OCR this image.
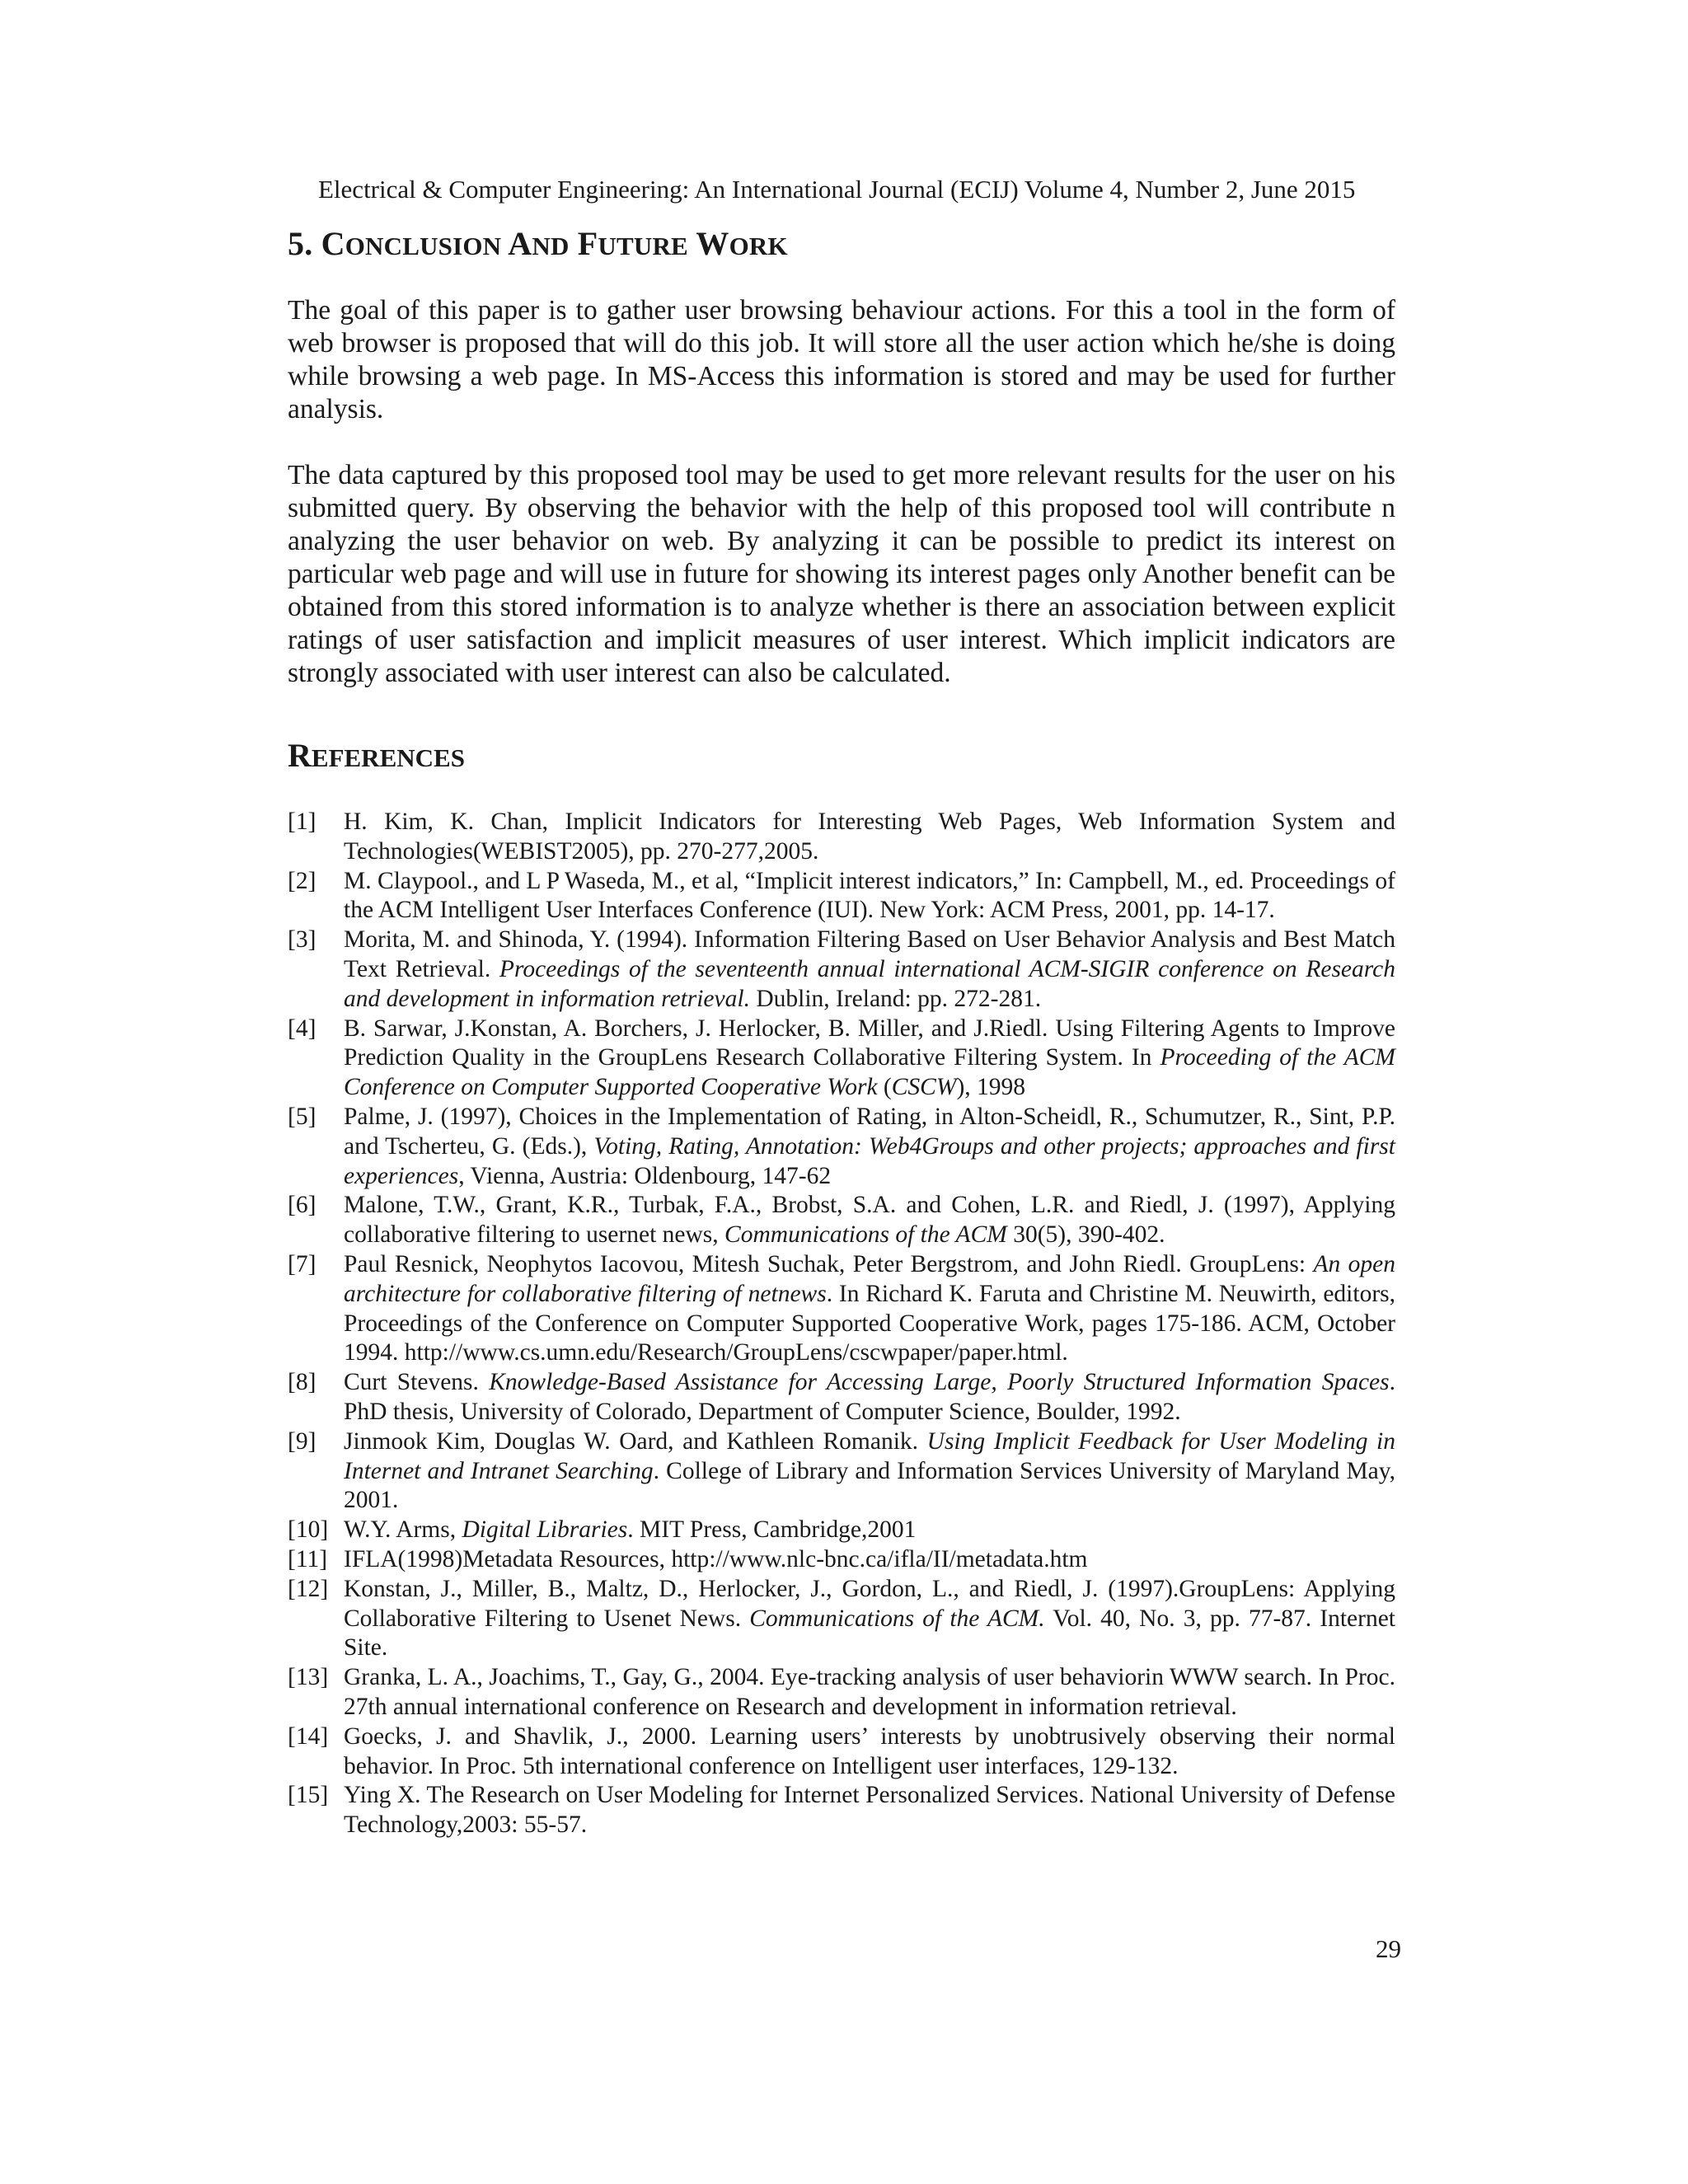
Electrical & Computer Engineering: An International Journal (ECIJ) Volume 4, Number 2, June 2015
5. CONCLUSION AND FUTURE WORK

The goal of this paper is to gather user browsing behaviour actions. For this a tool in the form of web browser is proposed that will do this job. It will store all the user action which he/she is doing while browsing a web page. In MS-Access this information is stored and may be used for further analysis.

The data captured by this proposed tool may be used to get more relevant results for the user on his submitted query. By observing the behavior with the help of this proposed tool will contribute n analyzing the user behavior on web. By analyzing it can be possible to predict its interest on particular web page and will use in future for showing its interest pages only Another benefit can be obtained from this stored information is to analyze whether is there an association between explicit ratings of user satisfaction and implicit measures of user interest. Which implicit indicators are strongly associated with user interest can also be calculated.

REFERENCES
[1] H. Kim, K. Chan, Implicit Indicators for Interesting Web Pages, Web Information System and Technologies(WEBIST2005), pp. 270-277,2005.
[2] M. Claypool., and L P Waseda, M., et al, “Implicit interest indicators,” In: Campbell, M., ed. Proceedings of the ACM Intelligent User Interfaces Conference (IUI). New York: ACM Press, 2001, pp. 14-17.
[3] Morita, M. and Shinoda, Y. (1994). Information Filtering Based on User Behavior Analysis and Best Match Text Retrieval. Proceedings of the seventeenth annual international ACM-SIGIR conference on Research and development in information retrieval. Dublin, Ireland: pp. 272-281.
[4] B. Sarwar, J.Konstan, A. Borchers, J. Herlocker, B. Miller, and J.Riedl. Using Filtering Agents to Improve Prediction Quality in the GroupLens Research Collaborative Filtering System. In Proceeding of the ACM Conference on Computer Supported Cooperative Work (CSCW), 1998
[5] Palme, J. (1997), Choices in the Implementation of Rating, in Alton-Scheidl, R., Schumutzer, R., Sint, P.P. and Tscherteu, G. (Eds.), Voting, Rating, Annotation: Web4Groups and other projects; approaches and first experiences, Vienna, Austria: Oldenbourg, 147-62
[6] Malone, T.W., Grant, K.R., Turbak, F.A., Brobst, S.A. and Cohen, L.R. and Riedl, J. (1997), Applying collaborative filtering to usernet news, Communications of the ACM 30(5), 390-402.
[7] Paul Resnick, Neophytos Iacovou, Mitesh Suchak, Peter Bergstrom, and John Riedl. GroupLens: An open architecture for collaborative filtering of netnews. In Richard K. Faruta and Christine M. Neuwirth, editors, Proceedings of the Conference on Computer Supported Cooperative Work, pages 175-186. ACM, October 1994. http://www.cs.umn.edu/Research/GroupLens/cscwpaper/paper.html.
[8] Curt Stevens. Knowledge-Based Assistance for Accessing Large, Poorly Structured Information Spaces. PhD thesis, University of Colorado, Department of Computer Science, Boulder, 1992.
[9] Jinmook Kim, Douglas W. Oard, and Kathleen Romanik. Using Implicit Feedback for User Modeling in Internet and Intranet Searching. College of Library and Information Services University of Maryland May, 2001.
[10] W.Y. Arms, Digital Libraries. MIT Press, Cambridge,2001
[11] IFLA(1998)Metadata Resources, http://www.nlc-bnc.ca/ifla/II/metadata.htm
[12] Konstan, J., Miller, B., Maltz, D., Herlocker, J., Gordon, L., and Riedl, J. (1997).GroupLens: Applying Collaborative Filtering to Usenet News. Communications of the ACM. Vol. 40, No. 3, pp. 77-87. Internet Site.
[13] Granka, L. A., Joachims, T., Gay, G., 2004. Eye-tracking analysis of user behaviorin WWW search. In Proc. 27th annual international conference on Research and development in information retrieval.
[14] Goecks, J. and Shavlik, J., 2000. Learning users’ interests by unobtrusively observing their normal behavior. In Proc. 5th international conference on Intelligent user interfaces, 129-132.
[15] Ying X. The Research on User Modeling for Internet Personalized Services. National University of Defense Technology,2003: 55-57.
29
